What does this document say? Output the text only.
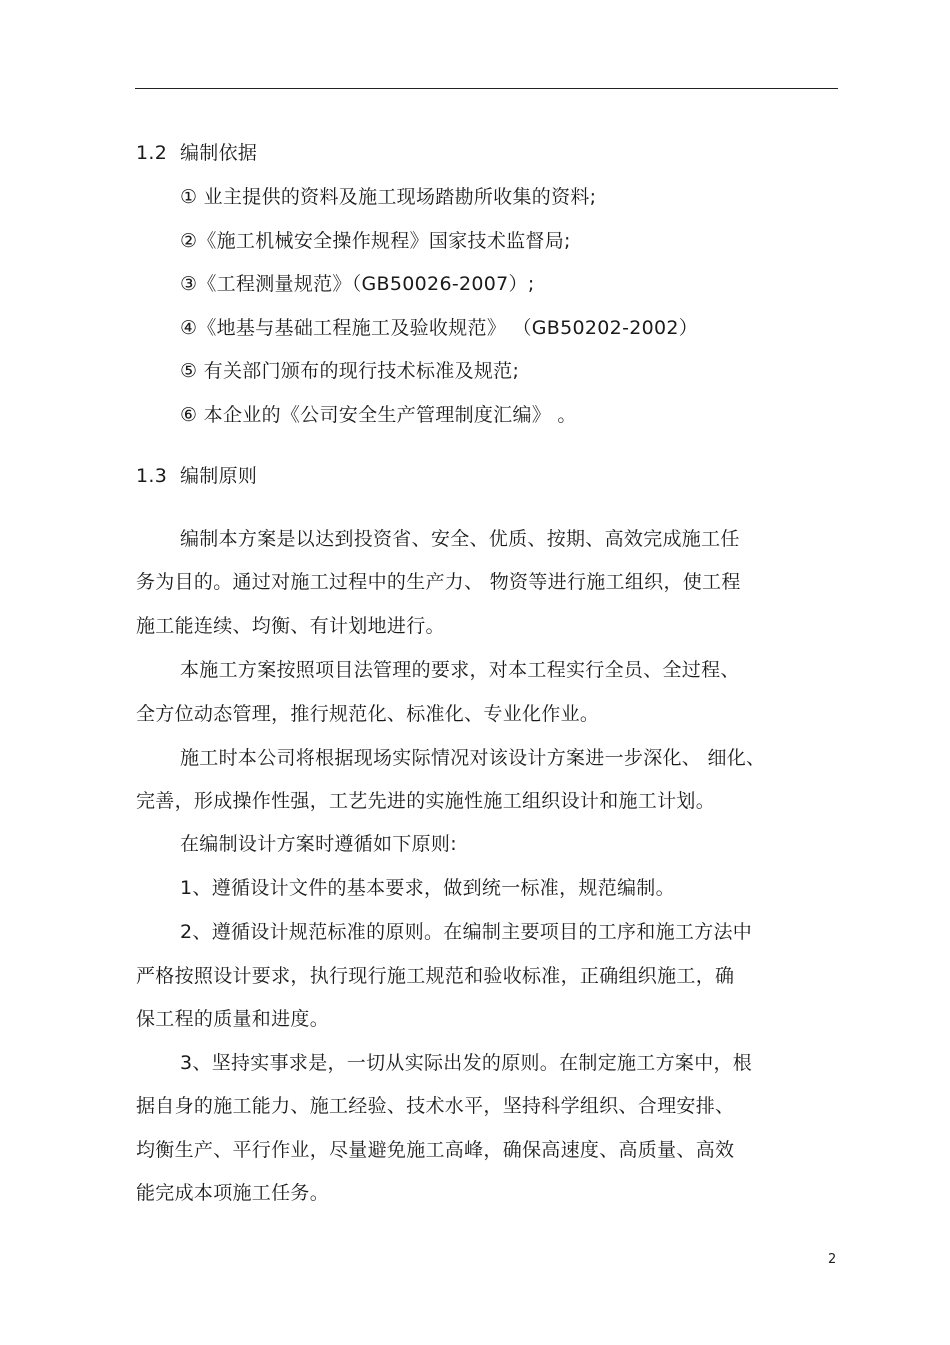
1.2 编制依据
① 业主提供的资料及施工现场踏勘所收集的资料;
②《施工机械安全操作规程》国家技术监督局;
③《工程测量规范》（GB50026-2007）;
④《地基与基础工程施工及验收规范》 （GB50202-2002）
⑤ 有关部门颁布的现行技术标准及规范;
⑥ 本企业的《公司安全生产管理制度汇编》 。
1.3 编制原则
编制本方案是以达到投资省、安全、优质、按期、高效完成施工任
务为目的。通过对施工过程中的生产力、 物资等进行施工组织，使工程
施工能连续、均衡、有计划地进行。
本施工方案按照项目法管理的要求，对本工程实行全员、全过程、
全方位动态管理，推行规范化、标准化、专业化作业。
施工时本公司将根据现场实际情况对该设计方案进一步深化、 细化、
完善，形成操作性强，工艺先进的实施性施工组织设计和施工计划。
在编制设计方案时遵循如下原则:
1、遵循设计文件的基本要求，做到统一标准，规范编制。
2、遵循设计规范标准的原则。在编制主要项目的工序和施工方法中
严格按照设计要求，执行现行施工规范和验收标准，正确组织施工，确
保工程的质量和进度。
3、坚持实事求是，一切从实际出发的原则。在制定施工方案中，根
据自身的施工能力、施工经验、技术水平，坚持科学组织、合理安排、
均衡生产、平行作业，尽量避免施工高峰，确保高速度、高质量、高效
能完成本项施工任务。
2
